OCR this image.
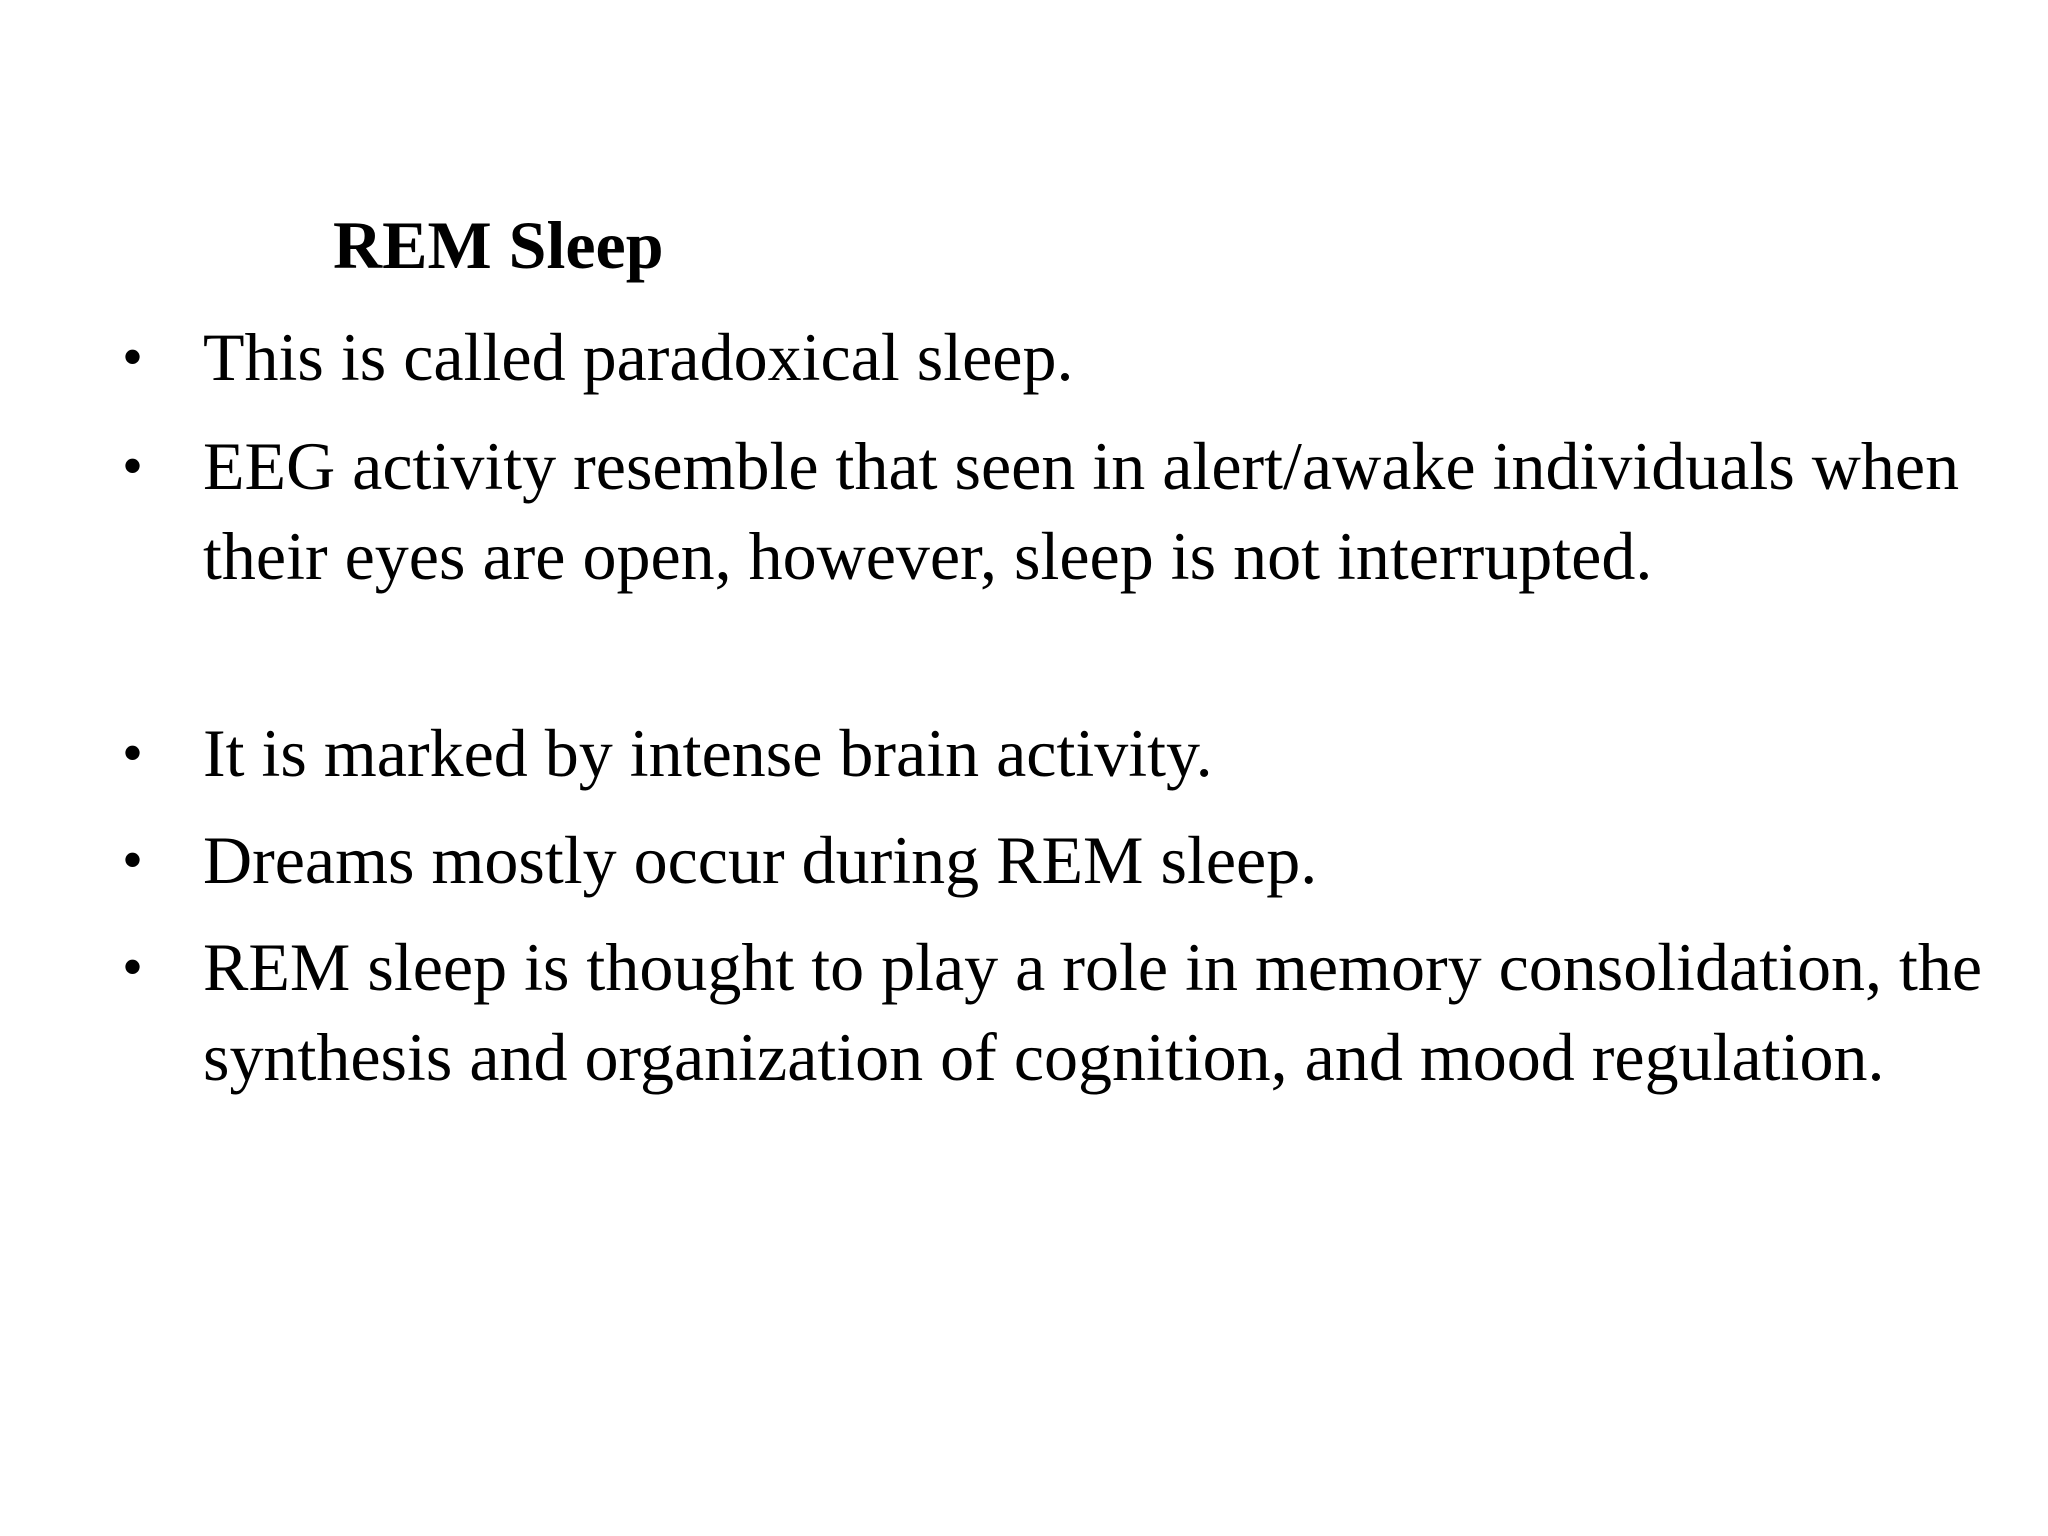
REM Sleep
• This is called paradoxical sleep.
• EEG activity resemble that seen in alert/awake individuals when their eyes are open, however, sleep is not interrupted.
• It is marked by intense brain activity.
• Dreams mostly occur during REM sleep.
• REM sleep is thought to play a role in memory consolidation, the synthesis and organization of cognition, and mood regulation.
